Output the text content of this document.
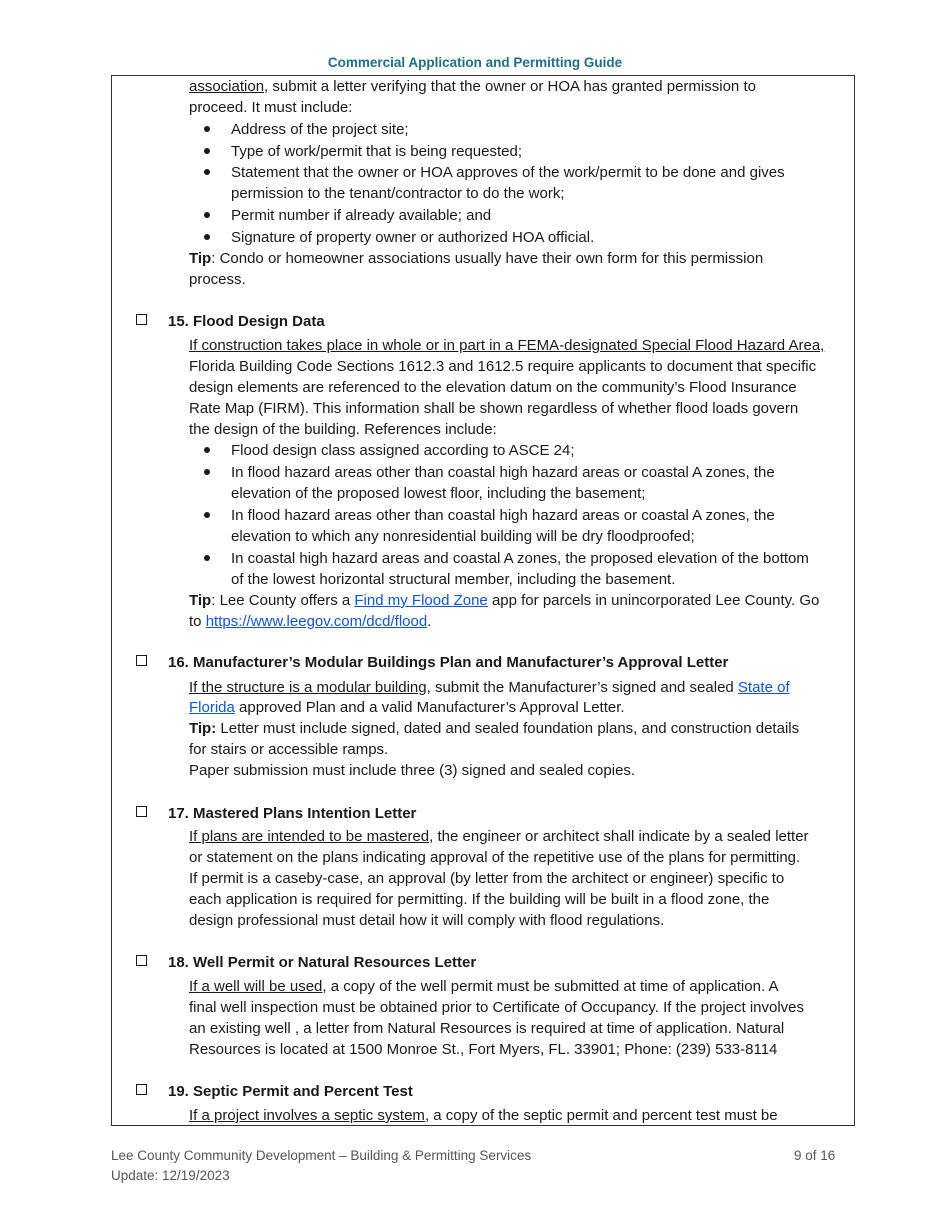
Commercial Application and Permitting Guide
association, submit a letter verifying that the owner or HOA has granted permission to
proceed. It must include:
Address of the project site;
Type of work/permit that is being requested;
Statement that the owner or HOA approves of the work/permit to be done and gives
permission to the tenant/contractor to do the work;
Permit number if already available; and
Signature of property owner or authorized HOA official.
Tip: Condo or homeowner associations usually have their own form for this permission
process.
15. Flood Design Data
If construction takes place in whole or in part in a FEMA-designated Special Flood Hazard Area,
Florida Building Code Sections 1612.3 and 1612.5 require applicants to document that specific
design elements are referenced to the elevation datum on the community’s Flood Insurance
Rate Map (FIRM). This information shall be shown regardless of whether flood loads govern
the design of the building. References include:
Flood design class assigned according to ASCE 24;
In flood hazard areas other than coastal high hazard areas or coastal A zones, the
elevation of the proposed lowest floor, including the basement;
In flood hazard areas other than coastal high hazard areas or coastal A zones, the
elevation to which any nonresidential building will be dry floodproofed;
In coastal high hazard areas and coastal A zones, the proposed elevation of the bottom
of the lowest horizontal structural member, including the basement.
Tip: Lee County offers a Find my Flood Zone app for parcels in unincorporated Lee County. Go
to https://www.leegov.com/dcd/flood.
16. Manufacturer’s Modular Buildings Plan and Manufacturer’s Approval Letter
If the structure is a modular building, submit the Manufacturer’s signed and sealed State of
Florida approved Plan and a valid Manufacturer’s Approval Letter.
Tip: Letter must include signed, dated and sealed foundation plans, and construction details
for stairs or accessible ramps.
Paper submission must include three (3) signed and sealed copies.
17. Mastered Plans Intention Letter
If plans are intended to be mastered, the engineer or architect shall indicate by a sealed letter
or statement on the plans indicating approval of the repetitive use of the plans for permitting.
If permit is a caseby-case, an approval (by letter from the architect or engineer) specific to
each application is required for permitting. If the building will be built in a flood zone, the
design professional must detail how it will comply with flood regulations.
18. Well Permit or Natural Resources Letter
If a well will be used, a copy of the well permit must be submitted at time of application. A
final well inspection must be obtained prior to Certificate of Occupancy. If the project involves
an existing well , a letter from Natural Resources is required at time of application. Natural
Resources is located at 1500 Monroe St., Fort Myers, FL. 33901; Phone: (239) 533-8114
19. Septic Permit and Percent Test
If a project involves a septic system, a copy of the septic permit and percent test must be
Lee County Community Development – Building & Permitting Services
Update: 12/19/2023
9 of 16
